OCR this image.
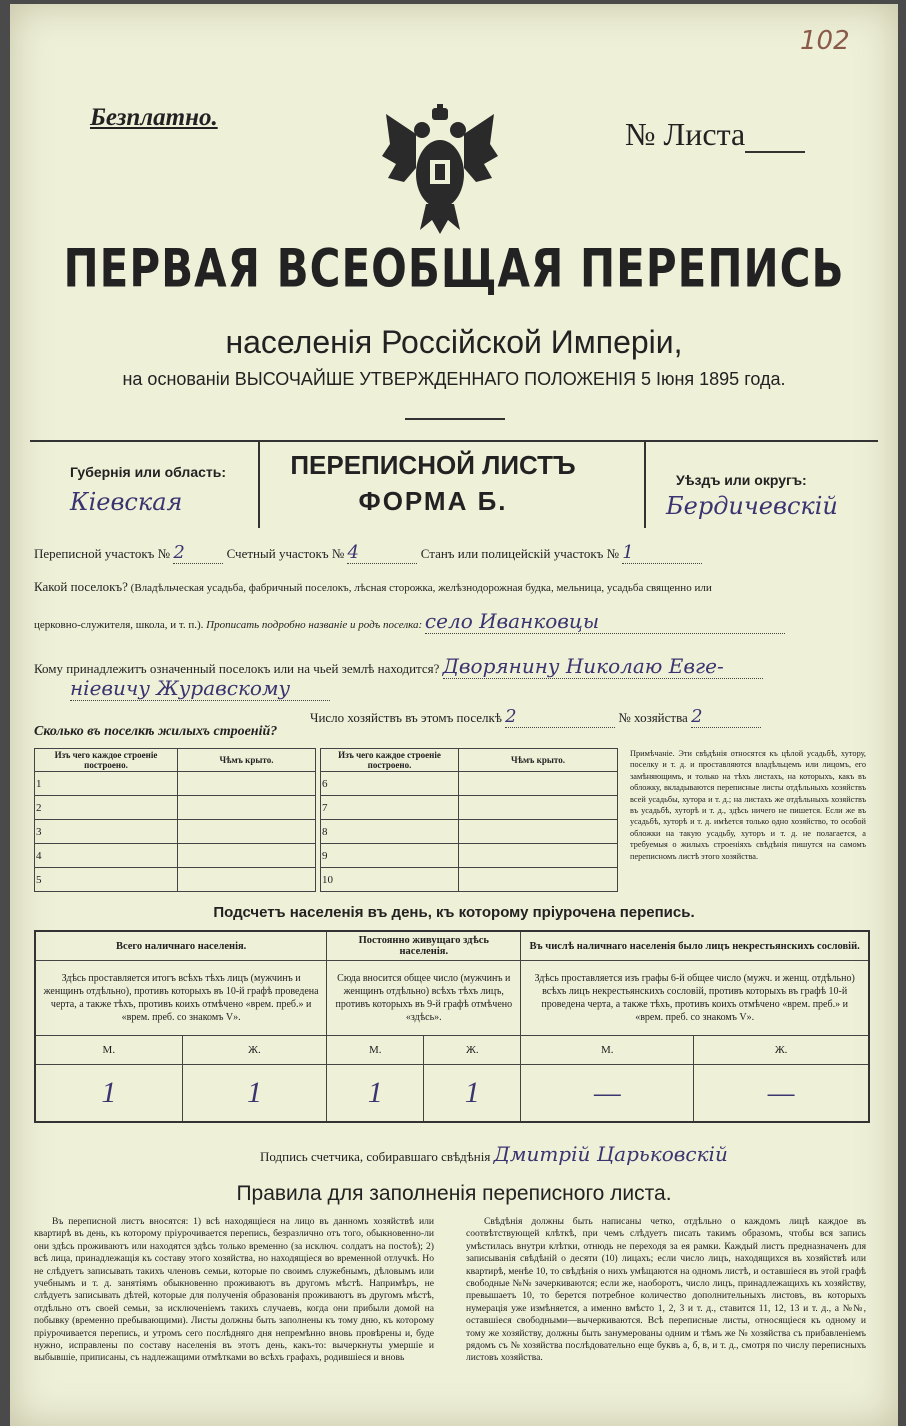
102
Безплатно.	№ Листа
ПЕРВАЯ ВСЕОБЩАЯ ПЕРЕПИСЬ
населенія Россійской Имперіи,
на основаніи ВЫСОЧАЙШЕ УТВЕРЖДЕННАГО ПОЛОЖЕНІЯ 5 Іюня 1895 года.
Губернія или область:
Кіевская
Уѣздъ или округъ:
Бердичевскій
ПЕРЕПИСНОЙ ЛИСТЪ
ФОРМА Б.
Переписной участокъ № 2	Счетный участокъ № 4	Станъ или полицейскій участокъ № 1
Какой поселокъ? (Владѣльческая усадьба, фабричный поселокъ, лѣсная сторожка, желѣзнодорожная будка, мельница, усадьба священно или
церковно-служителя, школа, и т. п.). Прописать подробно названіе и родъ поселка: село Иванковцы
Кому принадлежитъ означенный поселокъ или на чьей землѣ находится? Дворянину Николаю Евге-
ніевичу Журавскому
Число хозяйствъ въ этомъ поселкѣ 2	№ хозяйства 2
Сколько въ поселкѣ жилыхъ строеній?
Изъ чего каждое строеніе построено.	Чѣмъ крыто.
1	
2	
3	
4	
5	
Изъ чего каждое строеніе построено.	Чѣмъ крыто.
6	
7	
8	
9	
10	
Примѣчаніе. Эти свѣдѣнія относятся къ цѣлой усадьбѣ, хутору, поселку и т. д. и проставляются владѣльцемъ или лицомъ, его замѣняющимъ, и только на тѣхъ листахъ, на которыхъ, какъ въ обложку, вкладываются переписные листы отдѣльныхъ хозяйствъ всей усадьбы, хутора и т. д.; на листахъ же отдѣльныхъ хозяйствъ въ усадьбѣ, хуторѣ и т. д., здѣсь ничего не пишется. Если же въ усадьбѣ, хуторѣ и т. д. имѣется только одно хозяйство, то особой обложки на такую усадьбу, хуторъ и т. д. не полагается, а требуемыя о жилыхъ строеніяхъ свѣдѣнія пишутся на самомъ переписномъ листѣ этого хозяйства.
Подсчетъ населенія въ день, къ которому пріурочена перепись.
Всего наличнаго населенія.		Постоянно живущаго здѣсь населенія.		Въ числѣ наличнаго населенія было лицъ некрестьянскихъ сословій.	
Здѣсь проставляется итогъ всѣхъ тѣхъ лицъ (мужчинъ и женщинъ отдѣльно), противъ которыхъ въ 10-й графѣ проведена черта, а также тѣхъ, противъ коихъ отмѣчено «врем. преб.» и «врем. преб. со знакомъ V».		Сюда вносится общее число (мужчинъ и женщинъ отдѣльно) всѣхъ тѣхъ лицъ, противъ которыхъ въ 9-й графѣ отмѣчено «здѣсь».		Здѣсь проставляется изъ графы 6-й общее число (мужч. и женщ. отдѣльно) всѣхъ лицъ некрестьянскихъ сословій, противъ которыхъ въ графѣ 10-й проведена черта, а также тѣхъ, противъ коихъ отмѣчено «врем. преб.» и «врем. преб. со знакомъ V».	
М.	Ж.	М.	Ж.	М.	Ж.
1	1	1	1	—	—
Подпись счетчика, собиравшаго свѣдѣнія Дмитрій Царьковскій
Правила для заполненія переписного листа.
Въ переписной листъ вносятся: 1) всѣ находящіеся на лицо въ данномъ хозяйствѣ или квартирѣ въ день, къ которому пріурочивается перепись, безразлично отъ того, обыкновенно-ли они здѣсь проживаютъ или находятся здѣсь только временно (за исключ. солдатъ на постоѣ); 2) всѣ лица, принадлежащія къ составу этого хозяйства, но находящіеся во временной отлучкѣ. Но не слѣдуетъ записывать такихъ членовъ семьи, которые по своимъ служебнымъ, дѣловымъ или учебнымъ и т. д. занятіямъ обыкновенно проживаютъ въ другомъ мѣстѣ. Напримѣръ, не слѣдуетъ записывать дѣтей, которые для полученія образованія проживаютъ въ другомъ мѣстѣ, отдѣльно отъ своей семьи, за исключеніемъ такихъ случаевъ, когда они прибыли домой на побывку (временно пребывающими). Листы должны быть заполнены къ тому дню, къ которому пріурочивается перепись, и утромъ сего послѣдняго дня непремѣнно вновь провѣрены и, буде нужно, исправлены по составу населенія въ этотъ день, какъ-то: вычеркнуты умершіе и выбывшіе, приписаны, съ надлежащими отмѣтками во всѣхъ графахъ, родившіеся и вновь
Свѣдѣнія должны быть написаны четко, отдѣльно о каждомъ лицѣ каждое въ соотвѣтствующей клѣткѣ, при чемъ слѣдуетъ писать такимъ образомъ, чтобы вся запись умѣстилась внутри клѣтки, отнюдь не переходя за ея рамки. Каждый листъ предназначенъ для записыванія свѣдѣній о десяти (10) лицахъ; если число лицъ, находящихся въ хозяйствѣ или квартирѣ, менѣе 10, то свѣдѣнія о нихъ умѣщаются на одномъ листѣ, и оставшіеся въ этой графѣ свободные №№ зачеркиваются; если же, наоборотъ, число лицъ, принадлежащихъ къ хозяйству, превышаетъ 10, то берется потребное количество дополнительныхъ листовъ, въ которыхъ нумерація уже измѣняется, а именно вмѣсто 1, 2, 3 и т. д., ставится 11, 12, 13 и т. д., а №№, оставшіеся свободными—вычеркиваются. Всѣ переписные листы, относящіеся къ одному и тому же хозяйству, должны быть занумерованы одним и тѣмъ же № хозяйства съ прибавленіемъ рядомъ съ № хозяйства послѣдовательно еще буквъ а, б, в, и т. д., смотря по числу переписныхъ листовъ хозяйства.
